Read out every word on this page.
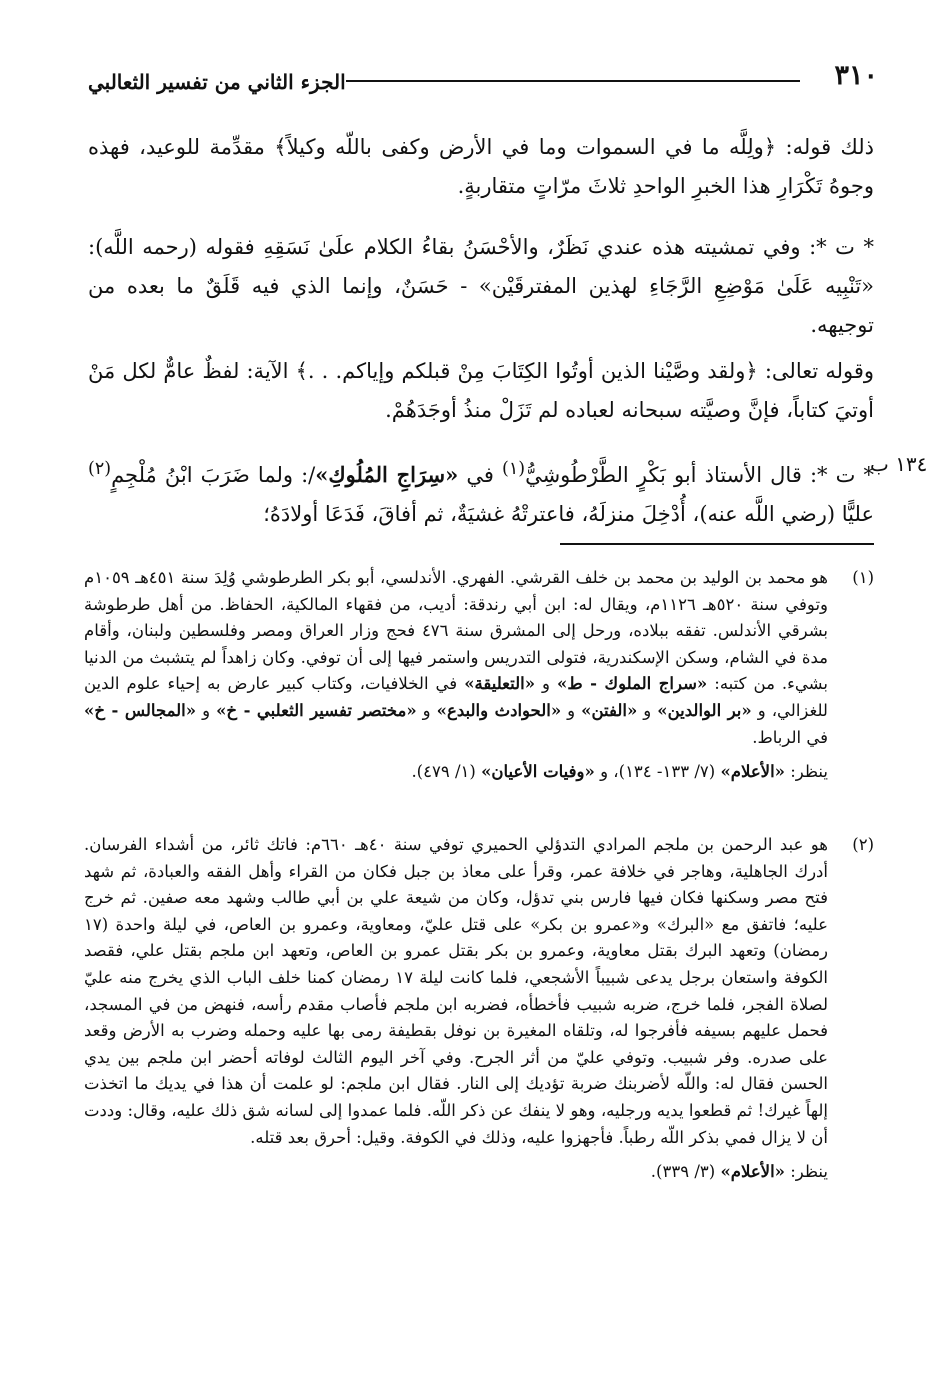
٣١٠
الجزء الثاني من تفسير الثعالبي

ذلك قوله: ﴿ولِلَّه ما في السموات وما في الأرض وكفى باللّه وكيلاً﴾ مقدِّمة للوعيد، فهذه وجوهُ تَكْرَارِ هذا الخبرِ الواحدِ ثلاثَ مرّاتٍ متقاربةٍ.

* ت *: وفي تمشيته هذه عندي نَظَرٌ، والأحْسَنُ بقاءُ الكلام علَىٰ نَسَقِهِ فقوله (رحمه اللَّه): «تَنْبِيه عَلَىٰ مَوْضِعِ الرَّجَاءِ لهذين المفترقَيْن» - حَسَنٌ، وإنما الذي فيه قَلَقٌ ما بعده من توجيهه.

وقوله تعالى: ﴿ولقد وصَّيْنا الذين أوتُوا الكِتَابَ مِنْ قبلكم وإياكم. . .﴾ الآية: لفظٌ عامٌّ لكل مَنْ أوتيَ كتاباً، فإنَّ وصيَّته سبحانه لعباده لم تَزَلْ منذُ أوجَدَهُمْ.

١٣٤ ب

* ت *: قال الأستاذ أبو بَكْرٍ الطَّرْطُوشِيُّ$^{(١)}$ في «سِرَاجِ المُلُوكِ»/: ولما ضَرَبَ ابْنُ مُلْجِمٍ$^{(٢)}$ عليًّا (رضي اللَّه عنه)، أُدْخِلَ منزلَهُ، فاعترتْهُ غشيَةٌ، ثم أفاقَ، فَدَعَا أولادَهُ؛

(١)

هو محمد بن الوليد بن محمد بن خلف القرشي. الفهري. الأندلسي، أبو بكر الطرطوشي وُلِدَ سنة ٤٥١هـ ١٠٥٩م وتوفي سنة ٥٢٠هـ ١١٢٦م، ويقال له: ابن أبي رندقة: أديب، من فقهاء المالكية، الحفاظ. من أهل طرطوشة بشرقي الأندلس. تفقه ببلاده، ورحل إلى المشرق سنة ٤٧٦ فحج وزار العراق ومصر وفلسطين ولبنان، وأقام مدة في الشام، وسكن الإسكندرية، فتولى التدريس واستمر فيها إلى أن توفي. وكان زاهداً لم يتشبث من الدنيا بشيء. من كتبه: «سراج الملوك - ط» و «التعليقة» في الخلافيات، وكتاب كبير عارض به إحياء علوم الدين للغزالي، و «بر الوالدين» و «الفتن» و «الحوادث والبدع» و «مختصر تفسير الثعلبي - خ» و «المجالس - خ» في الرباط.

ينظر: «الأعلام» (٧/ ١٣٣- ١٣٤)، و «وفيات الأعيان» (١/ ٤٧٩).

(٢)

هو عبد الرحمن بن ملجم المرادي التدؤلي الحميري توفي سنة ٤٠هـ ٦٦٠م: فاتك ثائر، من أشداء الفرسان. أدرك الجاهلية، وهاجر في خلافة عمر، وقرأ على معاذ بن جبل فكان من القراء وأهل الفقه والعبادة، ثم شهد فتح مصر وسكنها فكان فيها فارس بني تدؤل، وكان من شيعة علي بن أبي طالب وشهد معه صفين. ثم خرج عليه؛ فاتفق مع «البرك» و«عمرو بن بكر» على قتل عليّ، ومعاوية، وعمرو بن العاص، في ليلة واحدة (١٧ رمضان) وتعهد البرك بقتل معاوية، وعمرو بن بكر بقتل عمرو بن العاص، وتعهد ابن ملجم بقتل علي، فقصد الكوفة واستعان برجل يدعى شبيباً الأشجعي، فلما كانت ليلة ١٧ رمضان كمنا خلف الباب الذي يخرج منه عليّ لصلاة الفجر، فلما خرج، ضربه شبيب فأخطأه، فضربه ابن ملجم فأصاب مقدم رأسه، فنهض من في المسجد، فحمل عليهم بسيفه فأفرجوا له، وتلقاه المغيرة بن نوفل بقطيفة رمى بها عليه وحمله وضرب به الأرض وقعد على صدره. وفر شبيب. وتوفي عليّ من أثر الجرح. وفي آخر اليوم الثالث لوفاته أحضر ابن ملجم بين يدي الحسن فقال له: واللّه لأضربنك ضربة تؤديك إلى النار. فقال ابن ملجم: لو علمت أن هذا في يديك ما اتخذت إلهاً غيرك! ثم قطعوا يديه ورجليه، وهو لا ينفك عن ذكر اللّه. فلما عمدوا إلى لسانه شق ذلك عليه، وقال: وددت أن لا يزال فمي بذكر اللّه رطباً. فأجهزوا عليه، وذلك في الكوفة. وقيل: أحرق بعد قتله.

ينظر: «الأعلام» (٣/ ٣٣٩).
